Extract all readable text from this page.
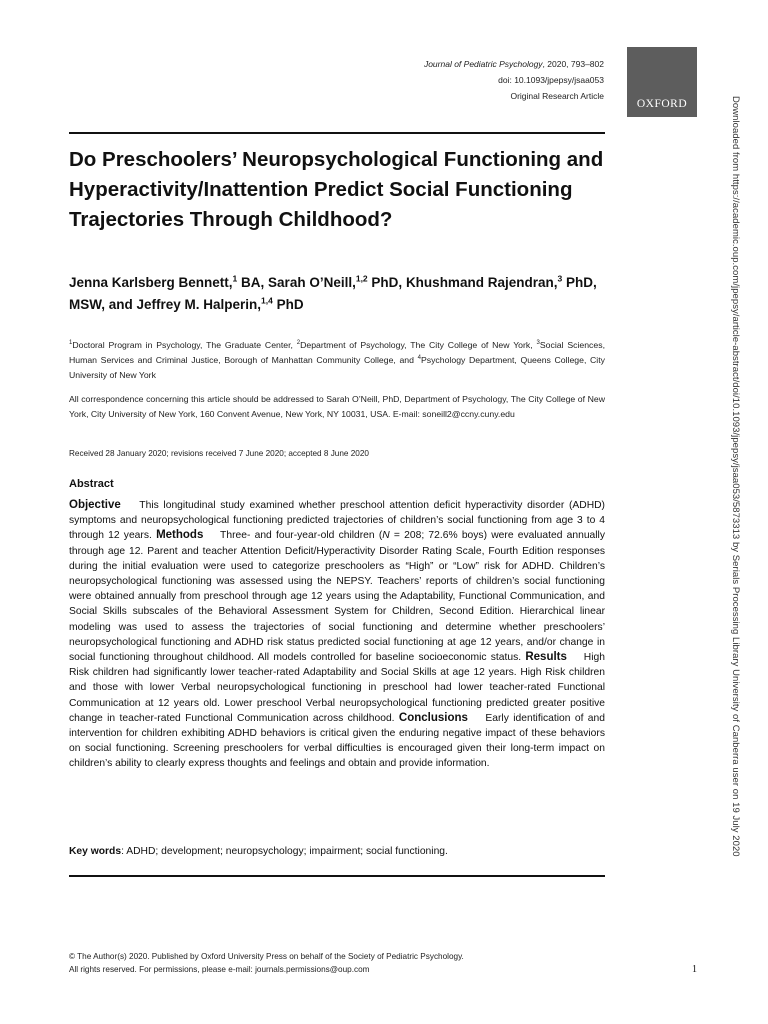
Journal of Pediatric Psychology, 2020, 793–802
doi: 10.1093/jpepsy/jsaa053
Original Research Article
OXFORD	Downloaded from https://academic.oup.com/jpepsy/article-abstract/doi/10.1093/jpepsy/jsaa053/5873313 by Serials Processing Library University of Canberra user on 19 July 2020
Do Preschoolers’ Neuropsychological Functioning and Hyperactivity/Inattention Predict Social Functioning Trajectories Through Childhood?

Jenna Karlsberg Bennett,$^1$ BA, Sarah O’Neill,$^{1,2}$ PhD, Khushmand Rajendran,$^3$ PhD, MSW, and Jeffrey M. Halperin,$^{1,4}$ PhD

$^1$Doctoral Program in Psychology, The Graduate Center, $^2$Department of Psychology, The City College of New York, $^3$Social Sciences, Human Services and Criminal Justice, Borough of Manhattan Community College, and $^4$Psychology Department, Queens College, City University of New York
All correspondence concerning this article should be addressed to Sarah O’Neill, PhD, Department of Psychology, The City College of New York, City University of New York, 160 Convent Avenue, New York, NY 10031, USA. E-mail: soneill2@ccny.cuny.edu
Received 28 January 2020; revisions received 7 June 2020; accepted 8 June 2020
Abstract

Objective This longitudinal study examined whether preschool attention deficit hyperactivity disorder (ADHD) symptoms and neuropsychological functioning predicted trajectories of children’s social functioning from age 3 to 4 through 12 years. Methods Three- and four-year-old children (N = 208; 72.6% boys) were evaluated annually through age 12. Parent and teacher Attention Deficit/Hyperactivity Disorder Rating Scale, Fourth Edition responses during the initial evaluation were used to categorize preschoolers as “High” or “Low” risk for ADHD. Children’s neuropsychological functioning was assessed using the NEPSY. Teachers’ reports of children’s social functioning were obtained annually from preschool through age 12 years using the Adaptability, Functional Communication, and Social Skills subscales of the Behavioral Assessment System for Children, Second Edition. Hierarchical linear modeling was used to assess the trajectories of social functioning and determine whether preschoolers’ neuropsychological functioning and ADHD risk status predicted social functioning at age 12 years, and/or change in social functioning throughout childhood. All models controlled for baseline socioeconomic status. Results High Risk children had significantly lower teacher-rated Adaptability and Social Skills at age 12 years. High Risk children and those with lower Verbal neuropsychological functioning in preschool had lower teacher-rated Functional Communication at 12 years old. Lower preschool Verbal neuropsychological functioning predicted greater positive change in teacher-rated Functional Communication across childhood. Conclusions Early identification of and intervention for children exhibiting ADHD behaviors is critical given the enduring negative impact of these behaviors on social functioning. Screening preschoolers for verbal difficulties is encouraged given their long-term impact on children’s ability to clearly express thoughts and feelings and obtain and provide information.

Key words: ADHD; development; neuropsychology; impairment; social functioning.
© The Author(s) 2020. Published by Oxford University Press on behalf of the Society of Pediatric Psychology.
All rights reserved. For permissions, please e-mail: journals.permissions@oup.com	1
